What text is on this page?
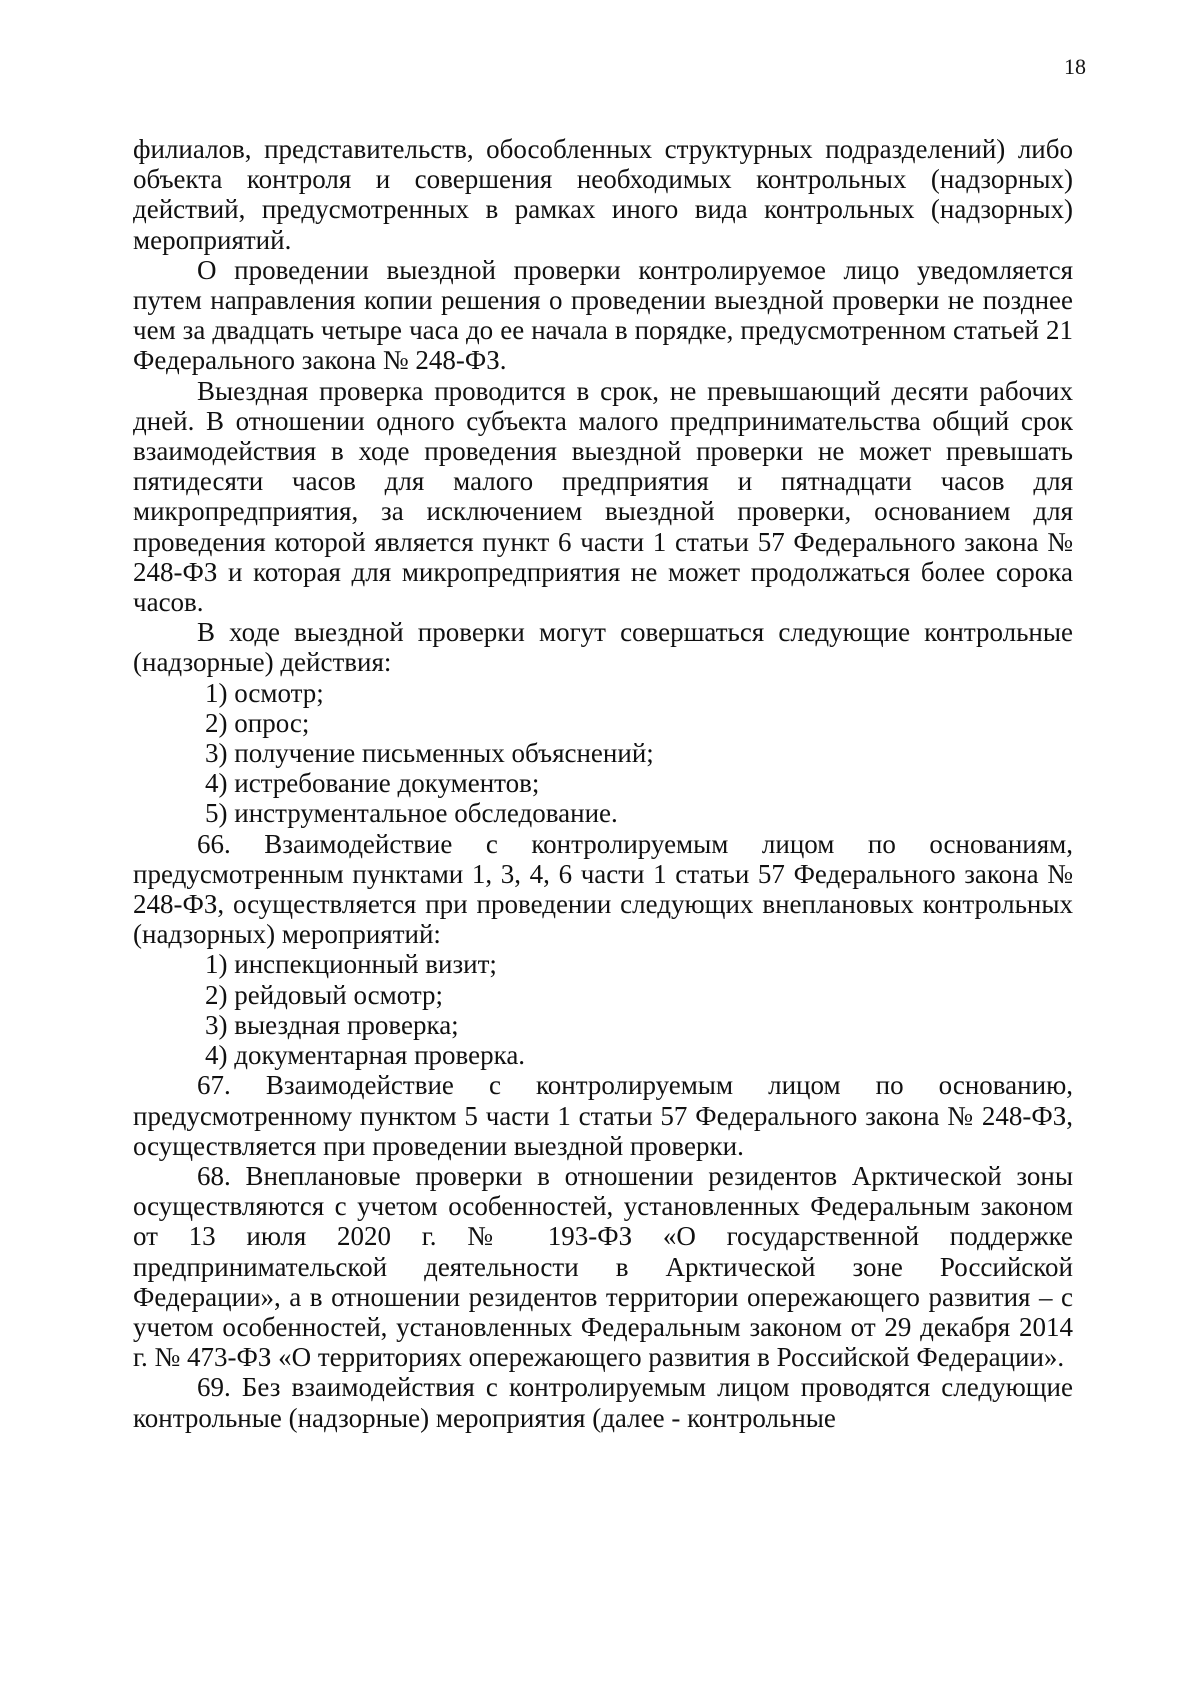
18

филиалов, представительств, обособленных структурных подразделений) либо объекта контроля и совершения необходимых контрольных (надзорных) действий, предусмотренных в рамках иного вида контрольных (надзорных) мероприятий.

О проведении выездной проверки контролируемое лицо уведомляется путем направления копии решения о проведении выездной проверки не позднее чем за двадцать четыре часа до ее начала в порядке, предусмотренном статьей 21 Федерального закона № 248-ФЗ.

Выездная проверка проводится в срок, не превышающий десяти рабочих дней. В отношении одного субъекта малого предпринимательства общий срок взаимодействия в ходе проведения выездной проверки не может превышать пятидесяти часов для малого предприятия и пятнадцати часов для микропредприятия, за исключением выездной проверки, основанием для проведения которой является пункт 6 части 1 статьи 57 Федерального закона № 248-ФЗ и которая для микропредприятия не может продолжаться более сорока часов.

В ходе выездной проверки могут совершаться следующие контрольные (надзорные) действия:

1) осмотр;

2) опрос;

3) получение письменных объяснений;

4) истребование документов;

5) инструментальное обследование.

66. Взаимодействие с контролируемым лицом по основаниям, предусмотренным пунктами 1, 3, 4, 6 части 1 статьи 57 Федерального закона № 248-ФЗ, осуществляется при проведении следующих внеплановых контрольных (надзорных) мероприятий:

1) инспекционный визит;

2) рейдовый осмотр;

3) выездная проверка;

4) документарная проверка.

67. Взаимодействие с контролируемым лицом по основанию, предусмотренному пунктом 5 части 1 статьи 57 Федерального закона № 248-ФЗ, осуществляется при проведении выездной проверки.

68. Внеплановые проверки в отношении резидентов Арктической зоны осуществляются с учетом особенностей, установленных Федеральным законом от 13 июля 2020 г. № 193-ФЗ «О государственной поддержке предпринимательской деятельности в Арктической зоне Российской Федерации», а в отношении резидентов территории опережающего развития – с учетом особенностей, установленных Федеральным законом от 29 декабря 2014 г. № 473-ФЗ «О территориях опережающего развития в Российской Федерации».

69. Без взаимодействия с контролируемым лицом проводятся следующие контрольные (надзорные) мероприятия (далее - контрольные
